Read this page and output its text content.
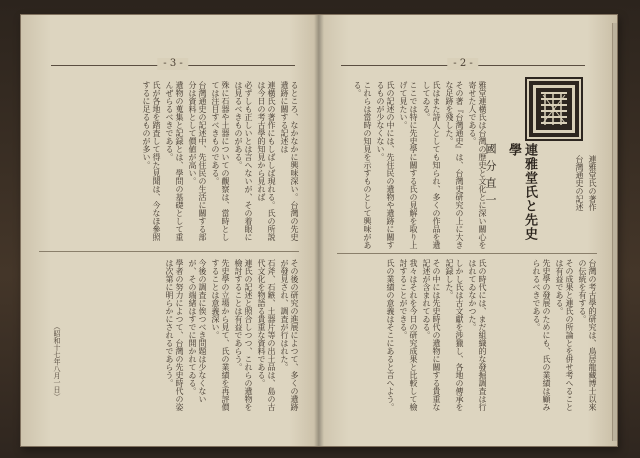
- 3 -

るところ、なかなかに興味深い。台灣の先史遺跡に關する記述は

連橫氏の著作にもしばしば現れる。氏の所説は今日の考古學的知見から見れば

必ずしも正しいとは言へないが、その着眼には見るべきものがある。

殊に石器や土器についての觀察は、當時としては注目すべきものである。

台灣通史の記述中、先住民の生活に關する部分は資料として價値が高い。

遺物の蒐集と記録とは、學問の基礎として重んぜらるべきである。

氏が各地を踏査して得た見聞は、今なほ參照するに足るものが多い。

その後の研究の進展によつて、多くの遺跡が發見され、調査が行はれた。

石斧、石鏃、土器片等の出土品は、島の古代文化を物語る貴重な資料である。

連氏の記述と照合しつつ、これらの遺物を檢討することは有益であらう。

先史學の立場から見て、氏の業績を再評價することは意義深い。

今後の調査に俟つべき問題は少なくないが、その端緒はすでに開かれてゐる。

學者の努力によつて、台灣の先史時代の姿は次第に明らかにされるであらう。

（昭和十七年八月一日）
- 2 -
連雅堂氏と先史學
國分直一

雅堂連橫氏は台灣の歷史と文化とに深い關心を寄せた人である。

その著『台灣通史』は、台灣史研究の上に大きな足跡を殘した。

氏はまた詩人としても知られ、多くの作品を遺してゐる。

ここでは特に先史學に關する氏の見解を取り上げて見たい。

氏の記述の中には、先住民の遺物や遺跡に關するものが少なくない。

これらは當時の知見を示すものとして興味がある。

連雅堂氏の著作

台灣通史の記述

氏の時代には、まだ組織的な發掘調査は行はれてゐなかつた。

しかし氏は古文獻を渉獵し、各地の傳承を記録した。

その中には先史時代の遺物に關する貴重な記述が含まれてゐる。

我々はそれを今日の研究成果と比較して檢討することができる。

氏の業績の意義はそこにあると言へよう。	台灣の考古學的研究は、鳥居龍藏博士以來の伝統を有する。

その成果と連氏の所論とを併せ考へることは有益である。

先史學の發展のためにも、氏の業績は顧みられるべきである。
